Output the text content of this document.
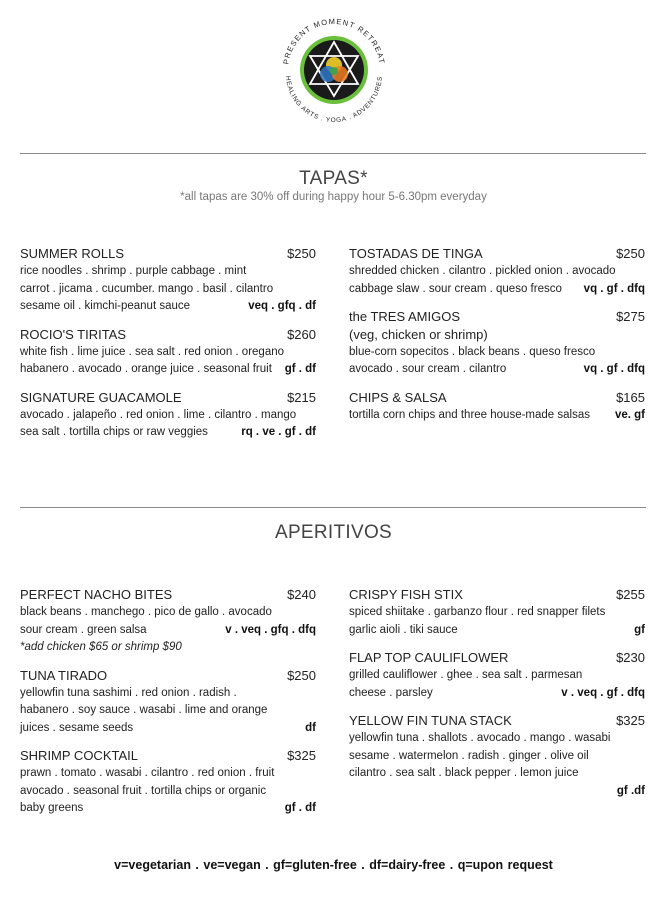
PRESENT MOMENT RETREAT
HEALING ARTS . YOGA . ADVENTURES
TAPAS*
*all tapas are 30% off during happy hour 5-6.30pm everyday
SUMMER ROLLS	$250
rice noodles . shrimp . purple cabbage . mint
carrot . jicama . cucumber. mango . basil . cilantro
sesame oil . kimchi-peanut sauce	veq . gfq . df
ROCIO'S TIRITAS	$260
white fish . lime juice . sea salt . red onion . oregano
habanero . avocado . orange juice . seasonal fruit gf . df
SIGNATURE GUACAMOLE	$215
avocado . jalapeño . red onion . lime . cilantro . mango
sea salt . tortilla chips or raw veggies	rq . ve . gf . df
TOSTADAS DE TINGA	$250
shredded chicken . cilantro . pickled onion . avocado
cabbage slaw . sour cream . queso fresco vq . gf . dfq
the TRES AMIGOS	$275
(veg, chicken or shrimp)
blue-corn sopecitos . black beans . queso fresco
avocado . sour cream . cilantro	vq . gf . dfq
CHIPS & SALSA	$165
tortilla corn chips and three house-made salsas ve. gf
APERITIVOS
PERFECT NACHO BITES	$240
black beans . manchego . pico de gallo . avocado
sour cream . green salsa	v . veq . gfq . dfq
*add chicken $65 or shrimp $90
TUNA TIRADO	$250
yellowfin tuna sashimi . red onion . radish .
habanero . soy sauce . wasabi . lime and orange
juices . sesame seeds	df
SHRIMP COCKTAIL	$325
prawn . tomato . wasabi . cilantro . red onion . fruit
avocado . seasonal fruit . tortilla chips or organic
baby greens	gf . df
CRISPY FISH STIX	$255
spiced shiitake . garbanzo flour . red snapper filets
garlic aioli . tiki sauce	gf
FLAP TOP CAULIFLOWER	$230
grilled cauliflower . ghee . sea salt . parmesan
cheese . parsley	v . veq . gf . dfq
YELLOW FIN TUNA STACK	$325
yellowfin tuna . shallots . avocado . mango . wasabi
sesame . watermelon . radish . ginger . olive oil
cilantro . sea salt . black pepper . lemon juice
gf .df
v=vegetarian . ve=vegan . gf=gluten-free . df=dairy-free . q=upon request
